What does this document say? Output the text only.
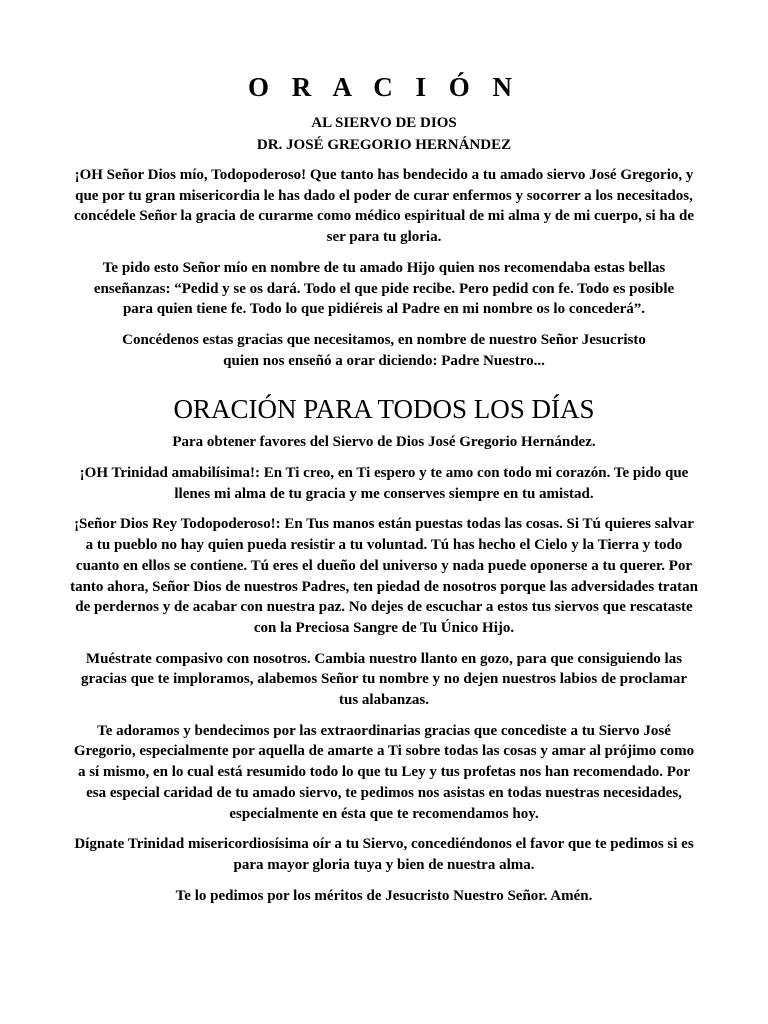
O R A C I Ó N

AL SIERVO DE DIOS

DR. JOSÉ GREGORIO HERNÁNDEZ

¡OH Señor Dios mío, Todopoderoso! Que tanto has bendecido a tu amado siervo José Gregorio, y que por tu gran misericordia le has dado el poder de curar enfermos y socorrer a los necesitados, concédele Señor la gracia de curarme como médico espiritual de mi alma y de mi cuerpo, si ha de ser para tu gloria.

Te pido esto Señor mío en nombre de tu amado Hijo quien nos recomendaba estas bellas enseñanzas: “Pedid y se os dará. Todo el que pide recibe. Pero pedid con fe. Todo es posible para quien tiene fe. Todo lo que pidiéreis al Padre en mi nombre os lo concederá”.

Concédenos estas gracias que necesitamos, en nombre de nuestro Señor Jesucristo quien nos enseñó a orar diciendo: Padre Nuestro...

ORACIÓN PARA TODOS LOS DÍAS

Para obtener favores del Siervo de Dios José Gregorio Hernández.

¡OH Trinidad amabilísima!: En Ti creo, en Ti espero y te amo con todo mi corazón. Te pido que llenes mi alma de tu gracia y me conserves siempre en tu amistad.

¡Señor Dios Rey Todopoderoso!: En Tus manos están puestas todas las cosas. Si Tú quieres salvar a tu pueblo no hay quien pueda resistir a tu voluntad. Tú has hecho el Cielo y la Tierra y todo cuanto en ellos se contiene. Tú eres el dueño del universo y nada puede oponerse a tu querer. Por tanto ahora, Señor Dios de nuestros Padres, ten piedad de nosotros porque las adversidades tratan de perdernos y de acabar con nuestra paz. No dejes de escuchar a estos tus siervos que rescataste con la Preciosa Sangre de Tu Único Hijo.

Muéstrate compasivo con nosotros. Cambia nuestro llanto en gozo, para que consiguiendo las gracias que te imploramos, alabemos Señor tu nombre y no dejen nuestros labios de proclamar tus alabanzas.

Te adoramos y bendecimos por las extraordinarias gracias que concediste a tu Siervo José Gregorio, especialmente por aquella de amarte a Ti sobre todas las cosas y amar al prójimo como a sí mismo, en lo cual está resumido todo lo que tu Ley y tus profetas nos han recomendado. Por esa especial caridad de tu amado siervo, te pedimos nos asistas en todas nuestras necesidades, especialmente en ésta que te recomendamos hoy.

Dígnate Trinidad misericordiosísima oír a tu Siervo, concediéndonos el favor que te pedimos si es para mayor gloria tuya y bien de nuestra alma.

Te lo pedimos por los méritos de Jesucristo Nuestro Señor. Amén.
